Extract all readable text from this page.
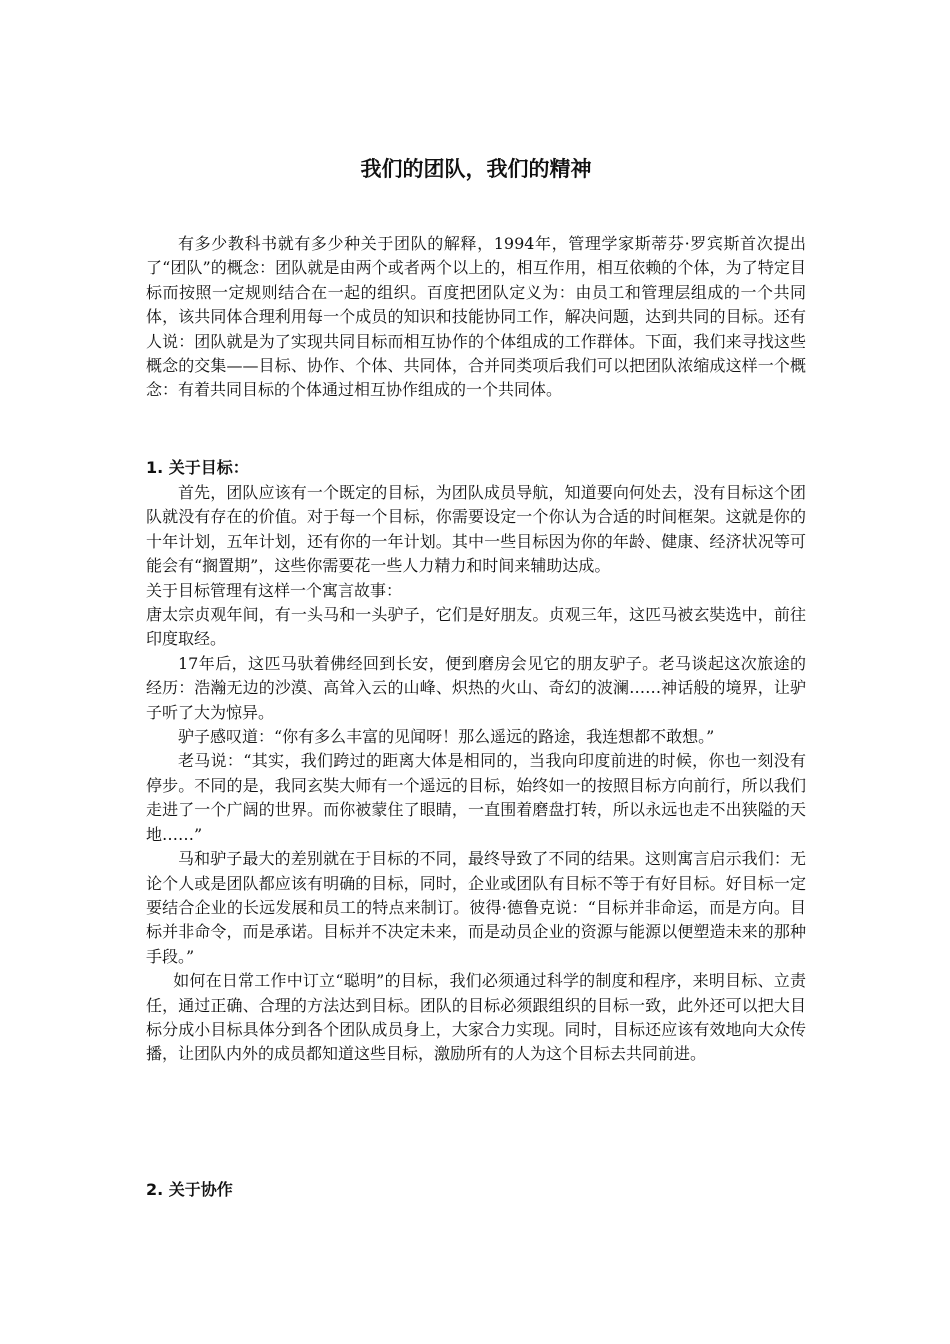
我们的团队，我们的精神

有多少教科书就有多少种关于团队的解释，1994年，管理学家斯蒂芬·罗宾斯首次提出了“团队”的概念：团队就是由两个或者两个以上的，相互作用，相互依赖的个体，为了特定目标而按照一定规则结合在一起的组织。百度把团队定义为：由员工和管理层组成的一个共同体，该共同体合理利用每一个成员的知识和技能协同工作，解决问题，达到共同的目标。还有人说：团队就是为了实现共同目标而相互协作的个体组成的工作群体。下面，我们来寻找这些概念的交集——目标、协作、个体、共同体，合并同类项后我们可以把团队浓缩成这样一个概念：有着共同目标的个体通过相互协作组成的一个共同体。

1. 关于目标：

首先，团队应该有一个既定的目标，为团队成员导航，知道要向何处去，没有目标这个团队就没有存在的价值。对于每一个目标，你需要设定一个你认为合适的时间框架。这就是你的十年计划，五年计划，还有你的一年计划。其中一些目标因为你的年龄、健康、经济状况等可能会有“搁置期”，这些你需要花一些人力精力和时间来辅助达成。

关于目标管理有这样一个寓言故事：

唐太宗贞观年间，有一头马和一头驴子，它们是好朋友。贞观三年，这匹马被玄奘选中，前往印度取经。

17年后，这匹马驮着佛经回到长安，便到磨房会见它的朋友驴子。老马谈起这次旅途的经历：浩瀚无边的沙漠、高耸入云的山峰、炽热的火山、奇幻的波澜……神话般的境界，让驴子听了大为惊异。

驴子感叹道：“你有多么丰富的见闻呀！那么遥远的路途，我连想都不敢想。”

老马说：“其实，我们跨过的距离大体是相同的，当我向印度前进的时候，你也一刻没有停步。不同的是，我同玄奘大师有一个遥远的目标，始终如一的按照目标方向前行，所以我们走进了一个广阔的世界。而你被蒙住了眼睛，一直围着磨盘打转，所以永远也走不出狭隘的天地……”

马和驴子最大的差别就在于目标的不同，最终导致了不同的结果。这则寓言启示我们：无论个人或是团队都应该有明确的目标，同时，企业或团队有目标不等于有好目标。好目标一定要结合企业的长远发展和员工的特点来制订。彼得·德鲁克说：“目标并非命运，而是方向。目标并非命令，而是承诺。目标并不决定未来，而是动员企业的资源与能源以便塑造未来的那种手段。”

如何在日常工作中订立“聪明”的目标，我们必须通过科学的制度和程序，来明目标、立责任，通过正确、合理的方法达到目标。团队的目标必须跟组织的目标一致，此外还可以把大目标分成小目标具体分到各个团队成员身上，大家合力实现。同时，目标还应该有效地向大众传播，让团队内外的成员都知道这些目标，激励所有的人为这个目标去共同前进。

2. 关于协作
